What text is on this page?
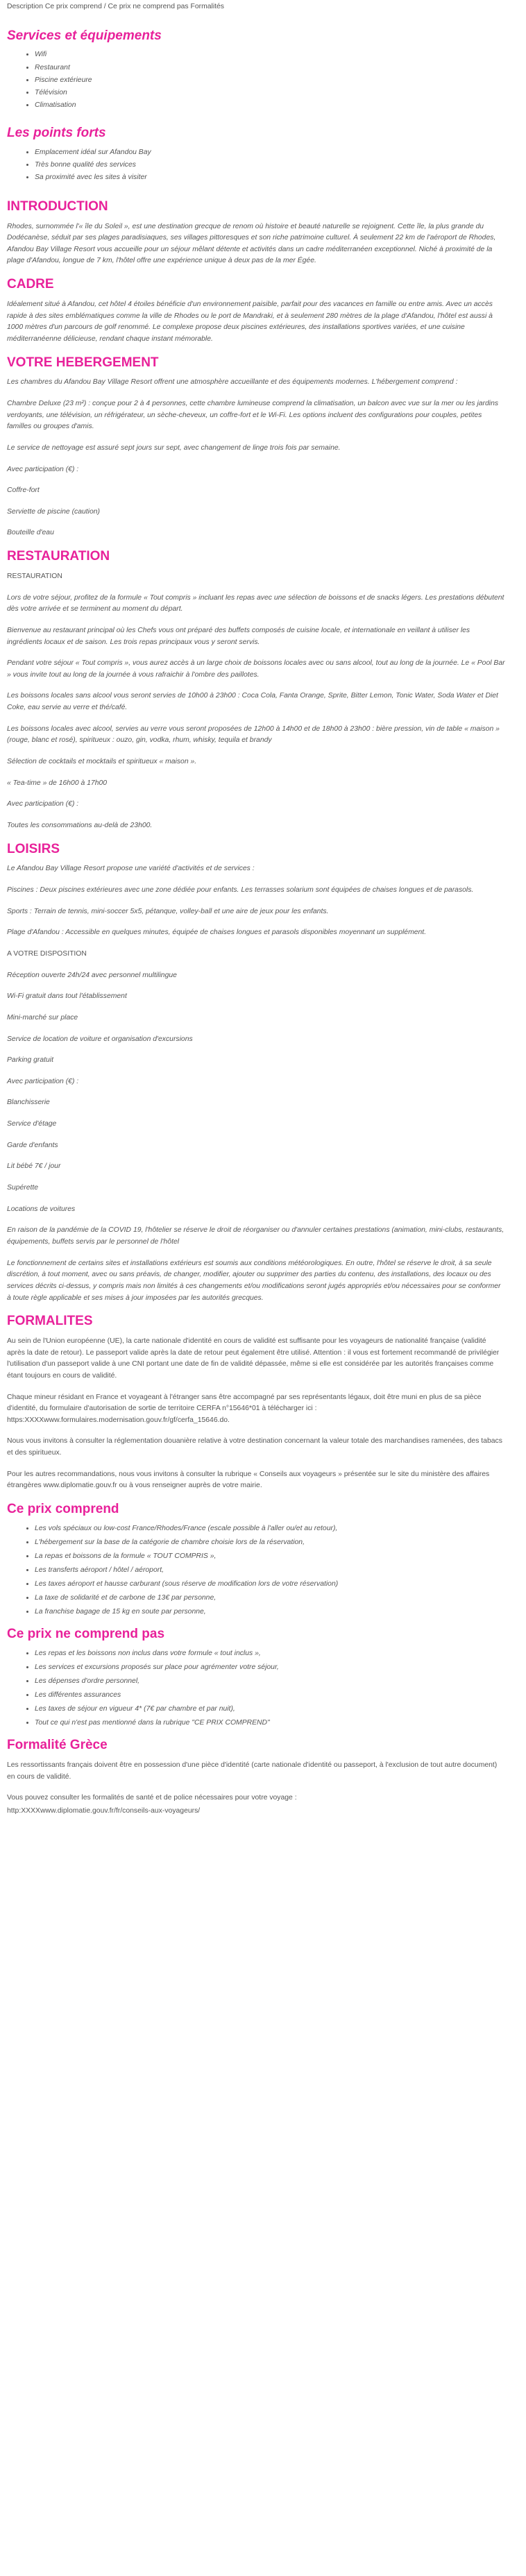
Description Ce prix comprend / Ce prix ne comprend pas Formalités
Services et équipements
• Wifi
• Restaurant
• Piscine extérieure
• Télévision
• Climatisation
Les points forts
• Emplacement idéal sur Afandou Bay
• Très bonne qualité des services
• Sa proximité avec les sites à visiter
INTRODUCTION

Rhodes, surnommée l'« île du Soleil », est une destination grecque de renom où histoire et beauté naturelle se rejoignent. Cette île, la plus grande du Dodécanèse, séduit par ses plages paradisiaques, ses villages pittoresques et son riche patrimoine culturel. À seulement 22 km de l'aéroport de Rhodes, Afandou Bay Village Resort vous accueille pour un séjour mêlant détente et activités dans un cadre méditerranéen exceptionnel. Niché à proximité de la plage d'Afandou, longue de 7 km, l'hôtel offre une expérience unique à deux pas de la mer Égée.

CADRE

Idéalement situé à Afandou, cet hôtel 4 étoiles bénéficie d'un environnement paisible, parfait pour des vacances en famille ou entre amis. Avec un accès rapide à des sites emblématiques comme la ville de Rhodes ou le port de Mandraki, et à seulement 280 mètres de la plage d'Afandou, l'hôtel est aussi à 1000 mètres d'un parcours de golf renommé. Le complexe propose deux piscines extérieures, des installations sportives variées, et une cuisine méditerranéenne délicieuse, rendant chaque instant mémorable.

VOTRE HEBERGEMENT

Les chambres du Afandou Bay Village Resort offrent une atmosphère accueillante et des équipements modernes. L'hébergement comprend :

Chambre Deluxe (23 m²) : conçue pour 2 à 4 personnes, cette chambre lumineuse comprend la climatisation, un balcon avec vue sur la mer ou les jardins verdoyants, une télévision, un réfrigérateur, un sèche-cheveux, un coffre-fort et le Wi-Fi. Les options incluent des configurations pour couples, petites familles ou groupes d'amis.

Le service de nettoyage est assuré sept jours sur sept, avec changement de linge trois fois par semaine.

Avec participation (€) :

Coffre-fort

Serviette de piscine (caution)

Bouteille d'eau

RESTAURATION

RESTAURATION

Lors de votre séjour, profitez de la formule « Tout compris » incluant les repas avec une sélection de boissons et de snacks légers. Les prestations débutent dès votre arrivée et se terminent au moment du départ.

Bienvenue au restaurant principal où les Chefs vous ont préparé des buffets composés de cuisine locale, et internationale en veillant à utiliser les ingrédients locaux et de saison. Les trois repas principaux vous y seront servis.

Pendant votre séjour « Tout compris », vous aurez accès à un large choix de boissons locales avec ou sans alcool, tout au long de la journée. Le « Pool Bar » vous invite tout au long de la journée à vous rafraichir à l'ombre des paillotes.

Les boissons locales sans alcool vous seront servies de 10h00 à 23h00 : Coca Cola, Fanta Orange, Sprite, Bitter Lemon, Tonic Water, Soda Water et Diet Coke, eau servie au verre et thé/café.

Les boissons locales avec alcool, servies au verre vous seront proposées de 12h00 à 14h00 et de 18h00 à 23h00 : bière pression, vin de table « maison » (rouge, blanc et rosé), spiritueux : ouzo, gin, vodka, rhum, whisky, tequila et brandy

Sélection de cocktails et mocktails et spiritueux « maison ».

« Tea-time » de 16h00 à 17h00

Avec participation (€) :

Toutes les consommations au-delà de 23h00.

LOISIRS

Le Afandou Bay Village Resort propose une variété d'activités et de services :

Piscines : Deux piscines extérieures avec une zone dédiée pour enfants. Les terrasses solarium sont équipées de chaises longues et de parasols.

Sports : Terrain de tennis, mini-soccer 5x5, pétanque, volley-ball et une aire de jeux pour les enfants.

Plage d'Afandou : Accessible en quelques minutes, équipée de chaises longues et parasols disponibles moyennant un supplément.

A VOTRE DISPOSITION

Réception ouverte 24h/24 avec personnel multilingue

Wi-Fi gratuit dans tout l'établissement

Mini-marché sur place

Service de location de voiture et organisation d'excursions

Parking gratuit

Avec participation (€) :

Blanchisserie

Service d'étage

Garde d'enfants

Lit bébé 7€ / jour

Supérette

Locations de voitures

En raison de la pandémie de la COVID 19, l'hôtelier se réserve le droit de réorganiser ou d'annuler certaines prestations (animation, mini-clubs, restaurants, équipements, buffets servis par le personnel de l'hôtel

Le fonctionnement de certains sites et installations extérieurs est soumis aux conditions météorologiques. En outre, l'hôtel se réserve le droit, à sa seule discrétion, à tout moment, avec ou sans préavis, de changer, modifier, ajouter ou supprimer des parties du contenu, des installations, des locaux ou des services décrits ci-dessus, y compris mais non limités à ces changements et/ou modifications seront jugés appropriés et/ou nécessaires pour se conformer à toute règle applicable et ses mises à jour imposées par les autorités grecques.

FORMALITES

Au sein de l'Union européenne (UE), la carte nationale d'identité en cours de validité est suffisante pour les voyageurs de nationalité française (validité après la date de retour). Le passeport valide après la date de retour peut également être utilisé. Attention : il vous est fortement recommandé de privilégier l'utilisation d'un passeport valide à une CNI portant une date de fin de validité dépassée, même si elle est considérée par les autorités françaises comme étant toujours en cours de validité.

Chaque mineur résidant en France et voyageant à l'étranger sans être accompagné par ses représentants légaux, doit être muni en plus de sa pièce d'identité, du formulaire d'autorisation de sortie de territoire CERFA n°15646*01 à télécharger ici : https:XXXXwww.formulaires.modernisation.gouv.fr/gf/cerfa_15646.do.

Nous vous invitons à consulter la réglementation douanière relative à votre destination concernant la valeur totale des marchandises ramenées, des tabacs et des spiritueux.

Pour les autres recommandations, nous vous invitons à consulter la rubrique « Conseils aux voyageurs » présentée sur le site du ministère des affaires étrangères www.diplomatie.gouv.fr ou à vous renseigner auprès de votre mairie.

Ce prix comprend
• Les vols spéciaux ou low-cost France/Rhodes/France (escale possible à l'aller ou/et au retour),
• L'hébergement sur la base de la catégorie de chambre choisie lors de la réservation,
• La repas et boissons de la formule « TOUT COMPRIS »,
• Les transferts aéroport / hôtel / aéroport,
• Les taxes aéroport et hausse carburant (sous réserve de modification lors de votre réservation)
• La taxe de solidarité et de carbone de 13€ par personne,
• La franchise bagage de 15 kg en soute par personne,
Ce prix ne comprend pas
• Les repas et les boissons non inclus dans votre formule « tout inclus »,
• Les services et excursions proposés sur place pour agrémenter votre séjour,
• Les dépenses d'ordre personnel,
• Les différentes assurances
• Les taxes de séjour en vigueur 4* (7€ par chambre et par nuit),
• Tout ce qui n'est pas mentionné dans la rubrique "CE PRIX COMPREND"
Formalité Grèce

Les ressortissants français doivent être en possession d'une pièce d'identité (carte nationale d'identité ou passeport, à l'exclusion de tout autre document) en cours de validité.

Vous pouvez consulter les formalités de santé et de police nécessaires pour votre voyage :

http:XXXXwww.diplomatie.gouv.fr/fr/conseils-aux-voyageurs/
